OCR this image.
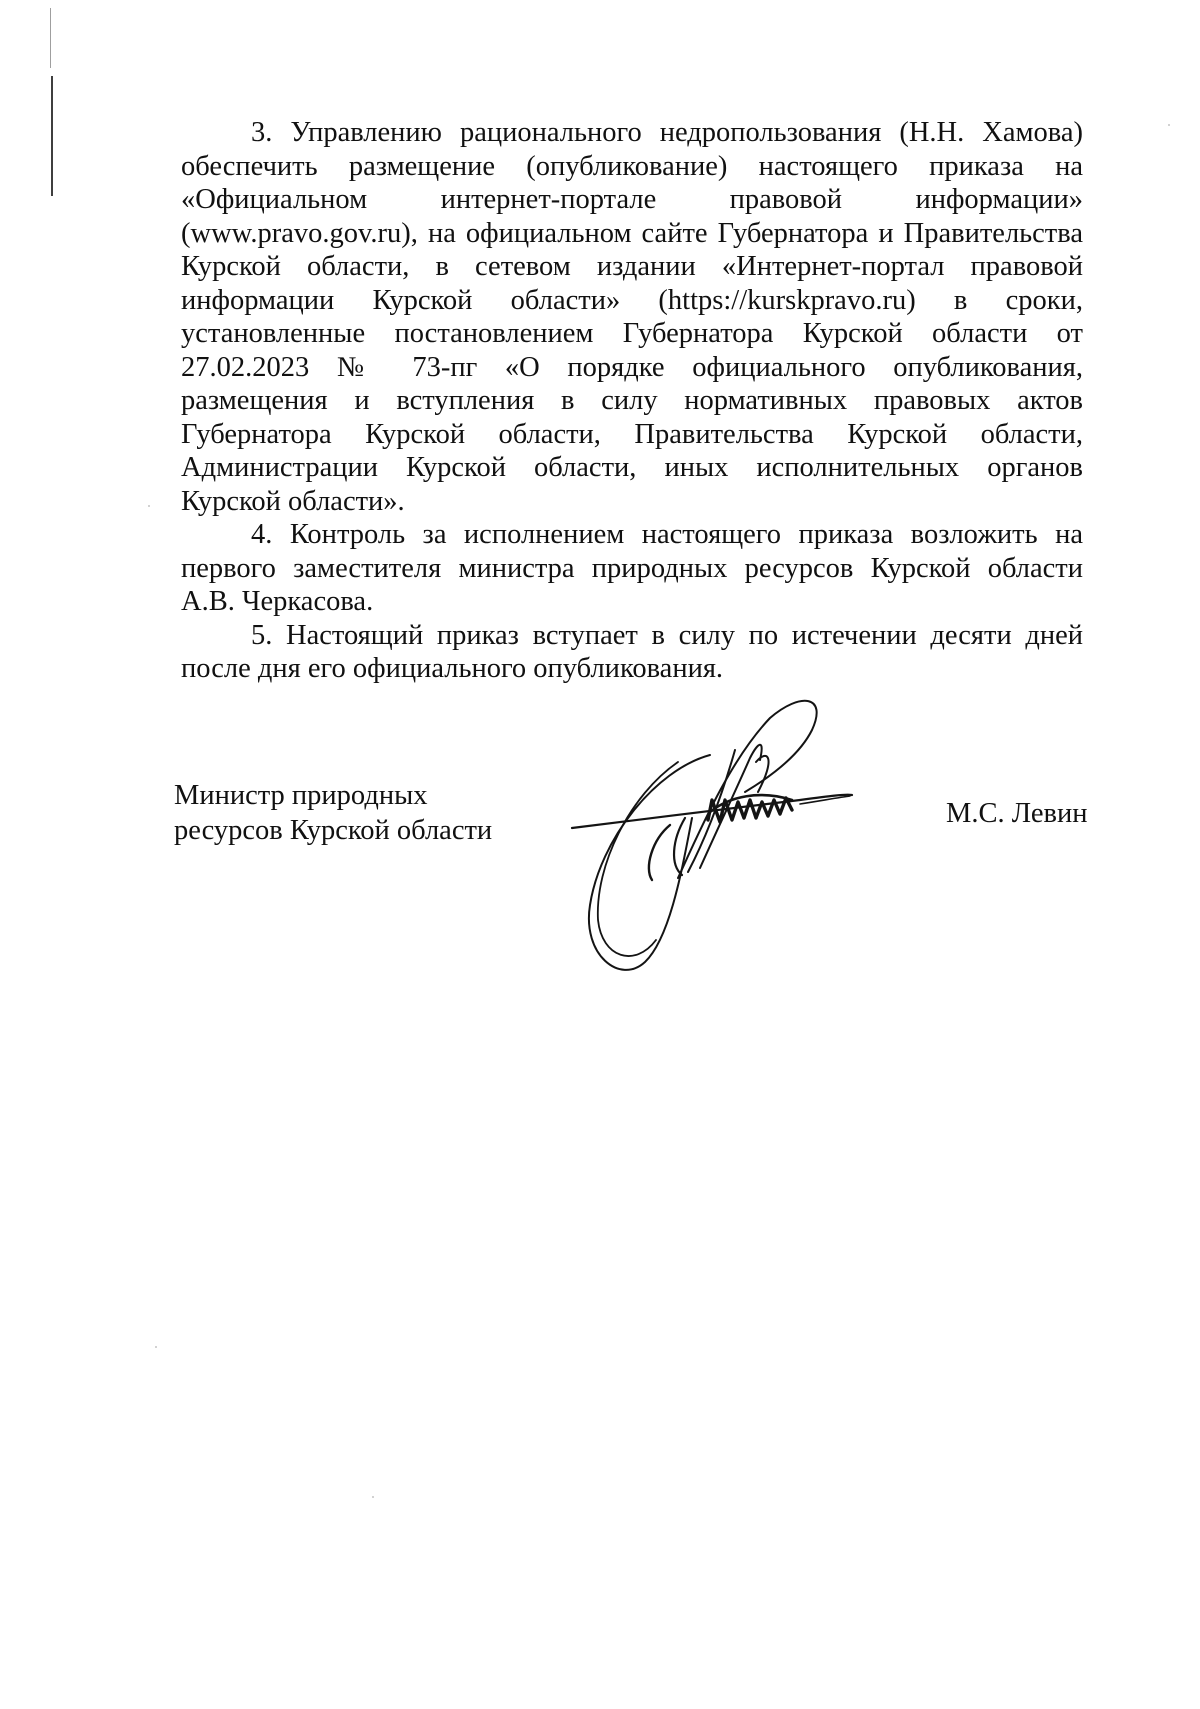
3. Управлению рационального недропользования (Н.Н. Хамова) обеспечить размещение (опубликование) настоящего приказа на «Официальном интернет-портале правовой информации» (www.pravo.gov.ru), на официальном сайте Губернатора и Правительства Курской области, в сетевом издании «Интернет-портал правовой информации Курской области» (https://kurskpravo.ru) в сроки, установленные постановлением Губернатора Курской области от 27.02.2023 № 73-пг «О порядке официального опубликования, размещения и вступления в силу нормативных правовых актов Губернатора Курской области, Правительства Курской области, Администрации Курской области, иных исполнительных органов Курской области».

4. Контроль за исполнением настоящего приказа возложить на первого заместителя министра природных ресурсов Курской области А.В. Черкасова.

5. Настоящий приказ вступает в силу по истечении десяти дней после дня его официального опубликования.

Министр природных
ресурсов Курской области
М.С. Левин
